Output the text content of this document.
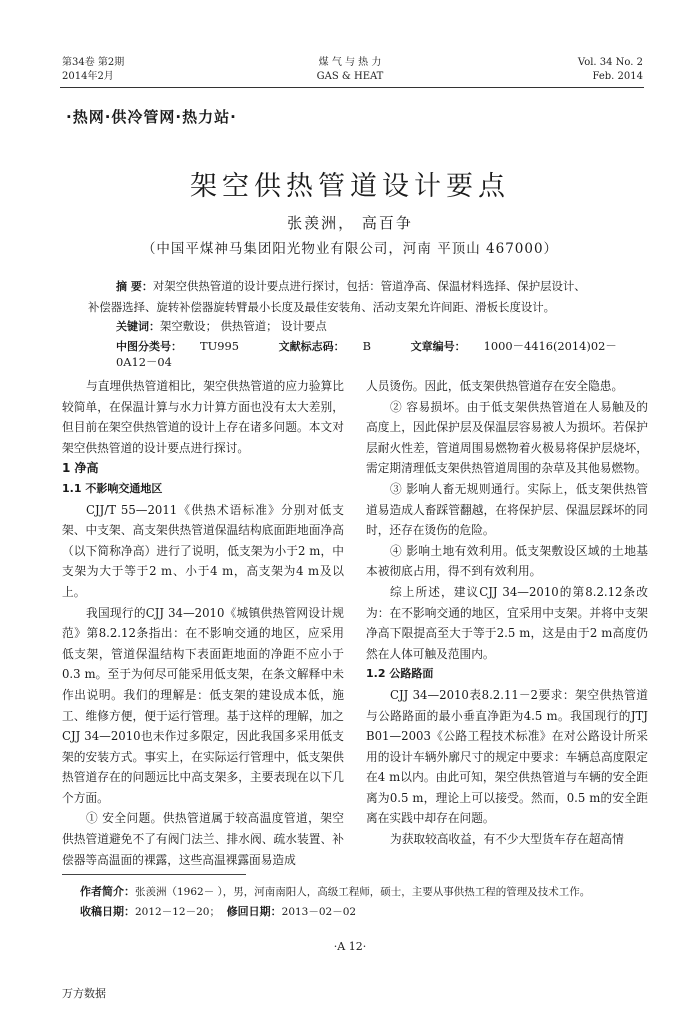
第34卷 第2期
2014年2月
煤 气 与 热 力
GAS & HEAT
Vol. 34 No. 2
Feb. 2014
·热网·供冷管网·热力站·
架空供热管道设计要点
张羡洲， 高百争
（中国平煤神马集团阳光物业有限公司，河南 平顶山 467000）

摘 要：对架空供热管道的设计要点进行探讨，包括：管道净高、保温材料选择、保护层设计、

补偿器选择、旋转补偿器旋转臂最小长度及最佳安装角、活动支架允许间距、滑板长度设计。

关键词：架空敷设； 供热管道； 设计要点
中图分类号： TU995	文献标志码： B	文章编号： 1000－4416(2014)02－0A12－04

与直埋供热管道相比，架空供热管道的应力验算比较简单，在保温计算与水力计算方面也没有太大差别，但目前在架空供热管道的设计上存在诸多问题。本文对架空供热管道的设计要点进行探讨。

1 净高

1.1 不影响交通地区

CJJ/T 55—2011《供热术语标准》分别对低支架、中支架、高支架供热管道保温结构底面距地面净高（以下简称净高）进行了说明，低支架为小于2 m，中支架为大于等于2 m、小于4 m，高支架为4 m及以上。

我国现行的CJJ 34—2010《城镇供热管网设计规范》第8.2.12条指出：在不影响交通的地区，应采用低支架，管道保温结构下表面距地面的净距不应小于0.3 m。至于为何尽可能采用低支架，在条文解释中未作出说明。我们的理解是：低支架的建设成本低，施工、维修方便，便于运行管理。基于这样的理解，加之CJJ 34—2010也未作过多限定，因此我国多采用低支架的安装方式。事实上，在实际运行管理中，低支架供热管道存在的问题远比中高支架多，主要表现在以下几个方面。

① 安全问题。供热管道属于较高温度管道，架空供热管道避免不了有阀门法兰、排水阀、疏水装置、补偿器等高温面的裸露，这些高温裸露面易造成

人员烫伤。因此，低支架供热管道存在安全隐患。

② 容易损坏。由于低支架供热管道在人易触及的高度上，因此保护层及保温层容易被人为损坏。若保护层耐火性差，管道周围易燃物着火极易将保护层烧坏，需定期清理低支架供热管道周围的杂草及其他易燃物。

③ 影响人畜无规则通行。实际上，低支架供热管道易造成人畜踩管翻越，在将保护层、保温层踩坏的同时，还存在烫伤的危险。

④ 影响土地有效利用。低支架敷设区域的土地基本被彻底占用，得不到有效利用。

综上所述，建议CJJ 34—2010的第8.2.12条改为：在不影响交通的地区，宜采用中支架。并将中支架净高下限提高至大于等于2.5 m，这是由于2 m高度仍然在人体可触及范围内。

1.2 公路路面

CJJ 34—2010表8.2.11－2要求：架空供热管道与公路路面的最小垂直净距为4.5 m。我国现行的JTJ B01—2003《公路工程技术标准》在对公路设计所采用的设计车辆外廓尺寸的规定中要求：车辆总高度限定在4 m以内。由此可知，架空供热管道与车辆的安全距离为0.5 m，理论上可以接受。然而，0.5 m的安全距离在实践中却存在问题。

为获取较高收益，有不少大型货车存在超高情

作者简介：张羡洲（1962－ ），男，河南南阳人，高级工程师，硕士，主要从事供热工程的管理及技术工作。

收稿日期：2012－12－20； 修回日期：2013－02－02

·A 12·
万方数据
